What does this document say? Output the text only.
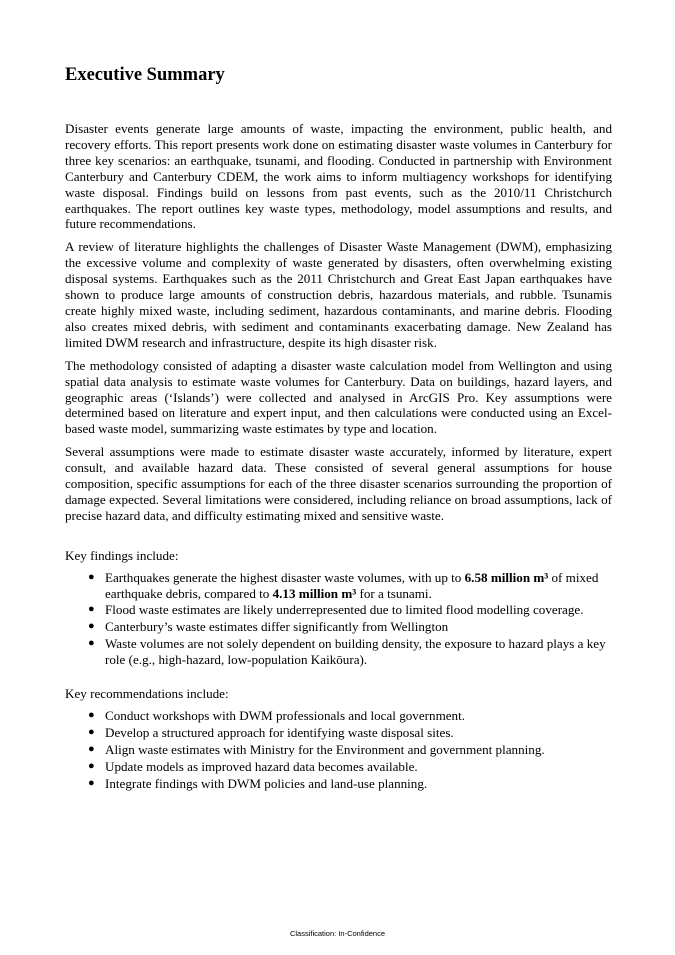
Executive Summary

Disaster events generate large amounts of waste, impacting the environment, public health, and recovery efforts. This report presents work done on estimating disaster waste volumes in Canterbury for three key scenarios: an earthquake, tsunami, and flooding. Conducted in partnership with Environment Canterbury and Canterbury CDEM, the work aims to inform multiagency workshops for identifying waste disposal. Findings build on lessons from past events, such as the 2010/11 Christchurch earthquakes. The report outlines key waste types, methodology, model assumptions and results, and future recommendations.

A review of literature highlights the challenges of Disaster Waste Management (DWM), emphasizing the excessive volume and complexity of waste generated by disasters, often overwhelming existing disposal systems. Earthquakes such as the 2011 Christchurch and Great East Japan earthquakes have shown to produce large amounts of construction debris, hazardous materials, and rubble. Tsunamis create highly mixed waste, including sediment, hazardous contaminants, and marine debris. Flooding also creates mixed debris, with sediment and contaminants exacerbating damage. New Zealand has limited DWM research and infrastructure, despite its high disaster risk.

The methodology consisted of adapting a disaster waste calculation model from Wellington and using spatial data analysis to estimate waste volumes for Canterbury. Data on buildings, hazard layers, and geographic areas (‘Islands’) were collected and analysed in ArcGIS Pro. Key assumptions were determined based on literature and expert input, and then calculations were conducted using an Excel-based waste model, summarizing waste estimates by type and location.

Several assumptions were made to estimate disaster waste accurately, informed by literature, expert consult, and available hazard data. These consisted of several general assumptions for house composition, specific assumptions for each of the three disaster scenarios surrounding the proportion of damage expected. Several limitations were considered, including reliance on broad assumptions, lack of precise hazard data, and difficulty estimating mixed and sensitive waste.

Key findings include:

● Earthquakes generate the highest disaster waste volumes, with up to 6.58 million m³ of mixed earthquake debris, compared to 4.13 million m³ for a tsunami.
● Flood waste estimates are likely underrepresented due to limited flood modelling coverage.
● Canterbury’s waste estimates differ significantly from Wellington
● Waste volumes are not solely dependent on building density, the exposure to hazard plays a key role (e.g., high-hazard, low-population Kaikōura).

Key recommendations include:

● Conduct workshops with DWM professionals and local government.
● Develop a structured approach for identifying waste disposal sites.
● Align waste estimates with Ministry for the Environment and government planning.
● Update models as improved hazard data becomes available.
● Integrate findings with DWM policies and land-use planning.
Classification: In-Confidence
